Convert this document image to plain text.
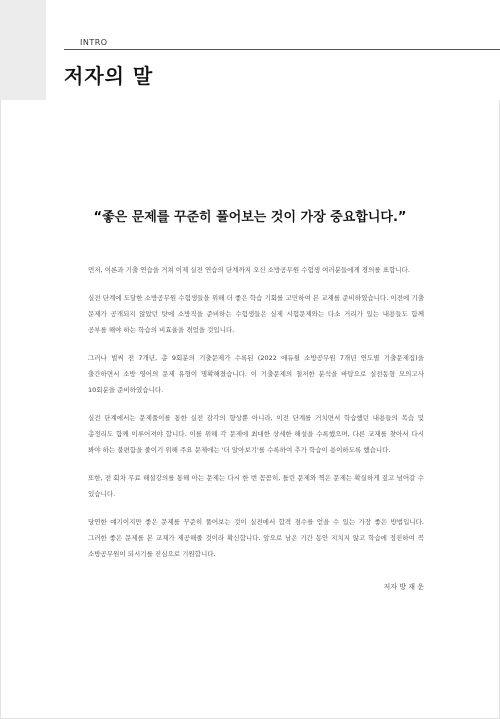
INTRO
저자의 말
“좋은 문제를 꾸준히 풀어보는 것이 가장 중요합니다.”

먼저, 이론과 기출 연습을 거쳐 이제 실전 연습의 단계까지 오신 소방공무원 수험생 여러분들에게 경의를 표합니다.

실전 단계에 도달한 소방공무원 수험생들을 위해 더 좋은 학습 기회를 고민하여 본 교재를 준비하였습니다. 이전에 기출 문제가 공개되지 않았던 탓에 소방직을 준비하는 수험생들은 실제 시험문제와는 다소 거리가 있는 내용들도 함께 공부를 해야 하는 학습의 비효율을 겪었을 것입니다.

그러나 벌써 전 7개년, 총 9회분의 기출문제가 수록된 (2022 에듀윌 소방공무원 7개년 연도별 기출문제집)을 출간하면서 소방 영어의 문제 유형이 명확해졌습니다. 이 기출문제의 철저한 분석을 바탕으로 실전동형 모의고사 10회분을 준비하였습니다.

실전 단계에서는 문제풀이를 통한 실전 감각의 향상뿐 아니라, 이전 단계를 거치면서 학습했던 내용들의 복습 및 총정리도 함께 이루어져야 합니다. 이를 위해 각 문제에 최대한 상세한 해설을 수록했으며, 다른 교재를 찾아서 다시 봐야 하는 불편함을 줄이기 위해 주요 문제에는 '더 알아보기'를 수록하여 추가 학습이 용이하도록 했습니다.

또한, 전 회차 무료 해설강의를 통해 아는 문제는 다시 한 번 꼼꼼히, 틀린 문제와 찍은 문제는 확실하게 짚고 넘어갈 수 있습니다.

당연한 얘기이지만 좋은 문제를 꾸준히 풀어보는 것이 실전에서 합격 점수를 얻을 수 있는 가장 좋은 방법입니다. 그러한 좋은 문제를 본 교재가 제공해줄 것이라 확신합니다. 앞으로 남은 기간 동안 지치지 않고 학습에 정진하여 꼭 소방공무원이 되시기를 진심으로 기원합니다.

저자 방 재 운
